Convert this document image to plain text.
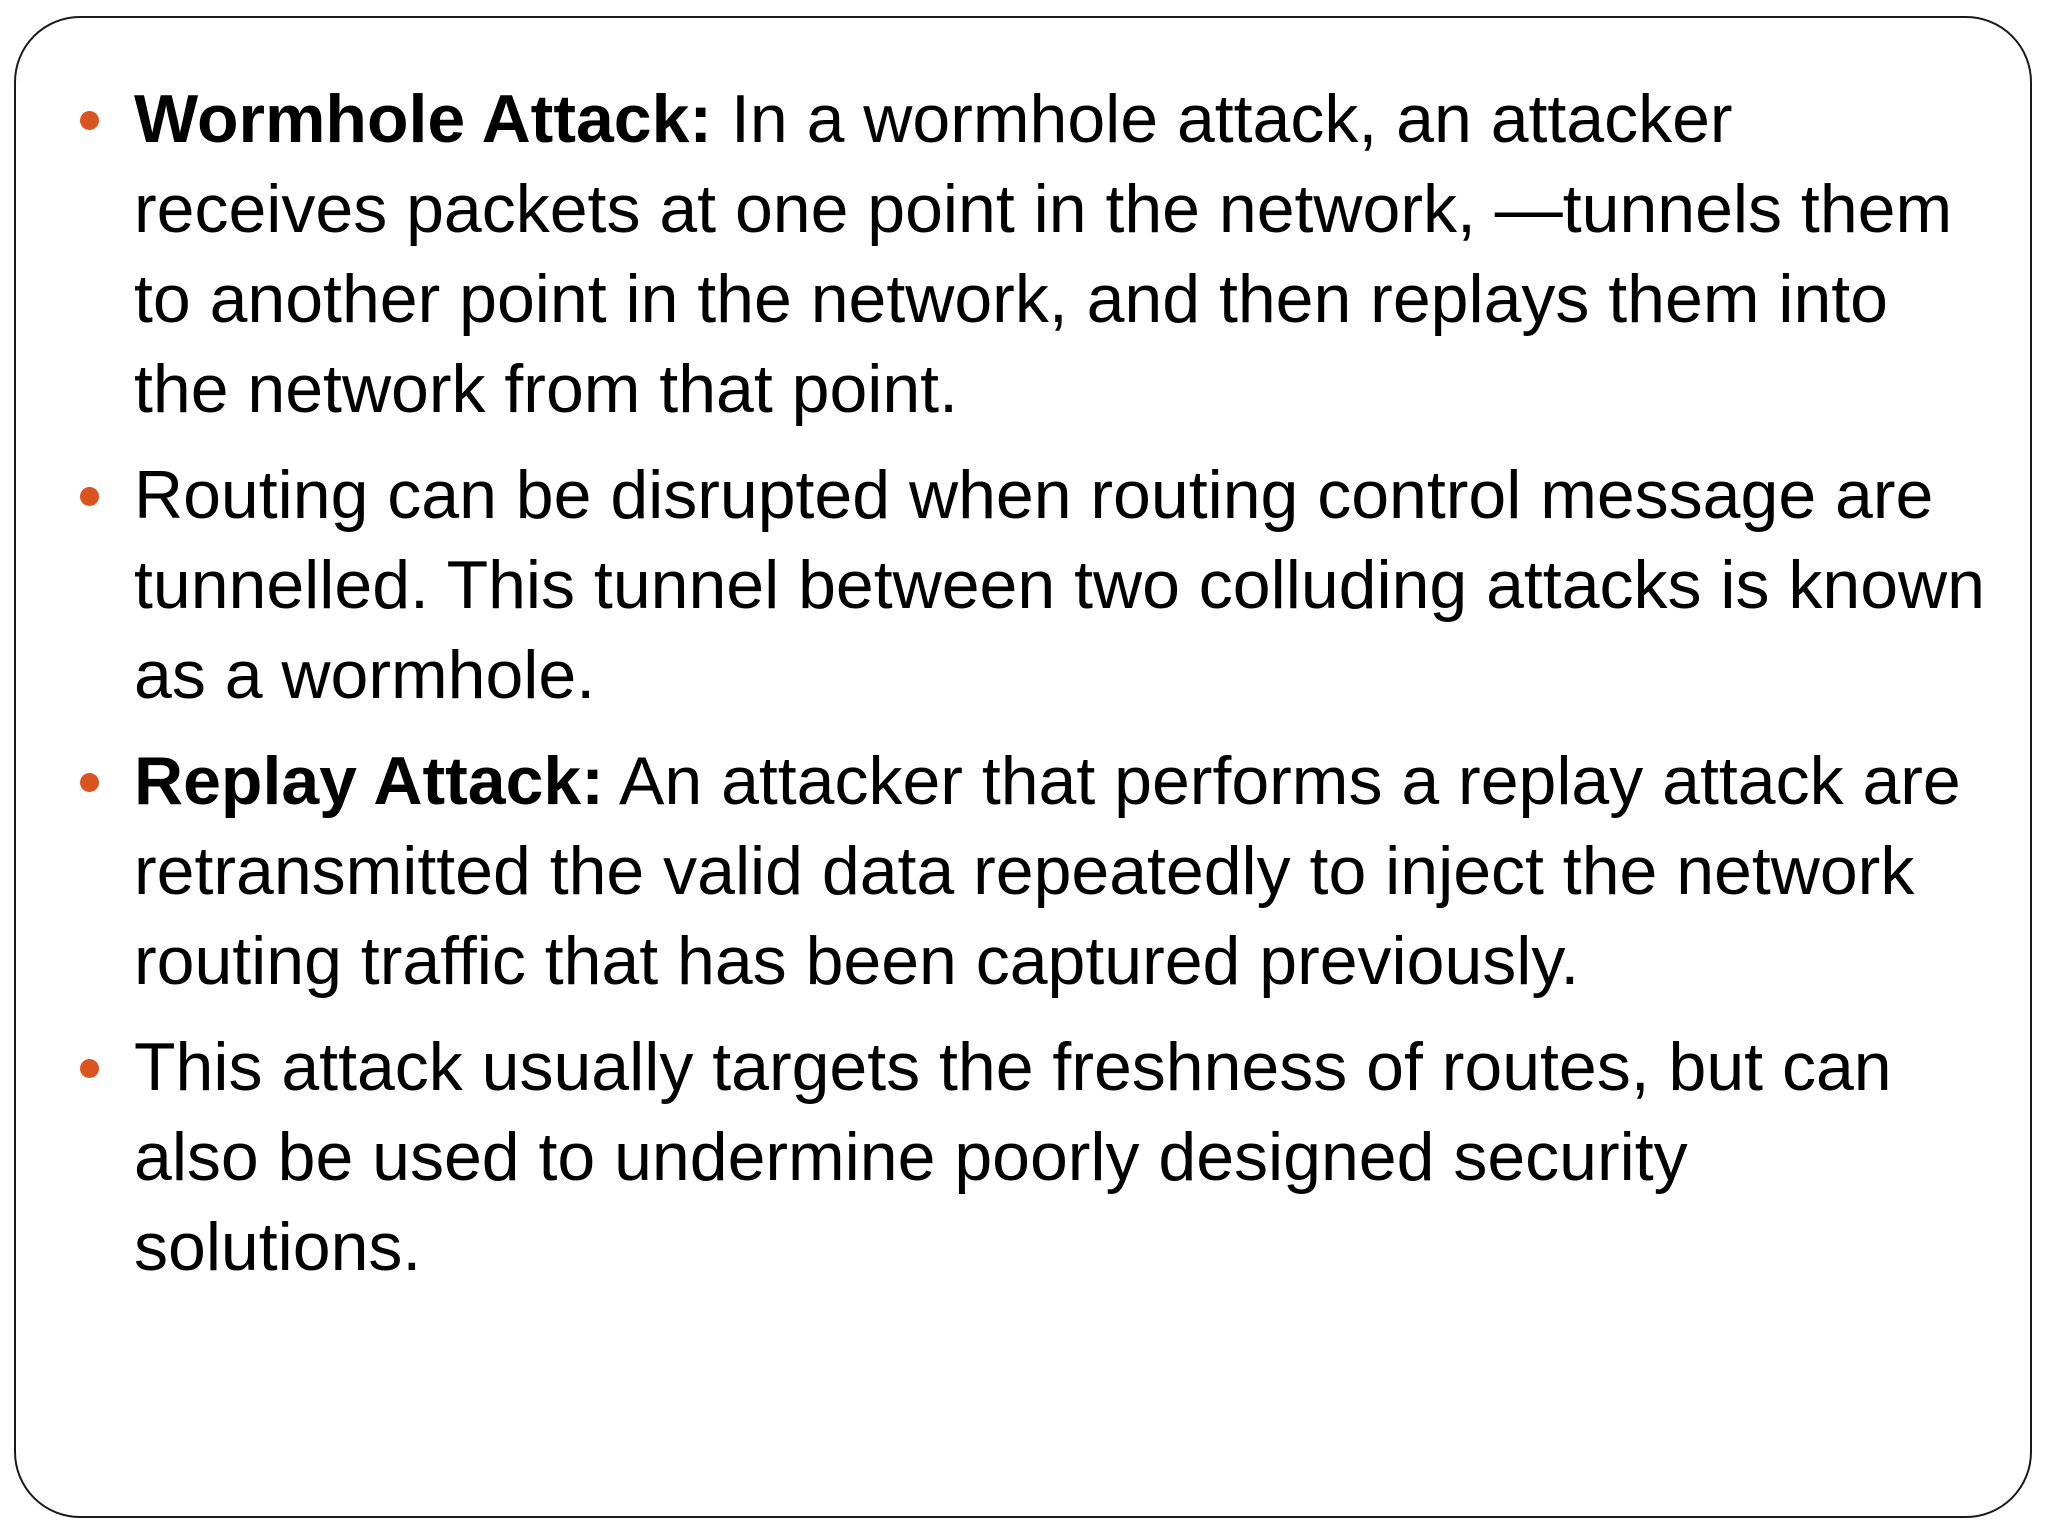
Wormhole Attack: In a wormhole attack, an attacker receives packets at one point in the network, —tunnels them to another point in the network, and then replays them into the network from that point.
Routing can be disrupted when routing control message are tunnelled. This tunnel between two colluding attacks is known as a wormhole.
Replay Attack: An attacker that performs a replay attack are retransmitted the valid data repeatedly to inject the network routing traffic that has been captured previously.
This attack usually targets the freshness of routes, but can also be used to undermine poorly designed security solutions.
